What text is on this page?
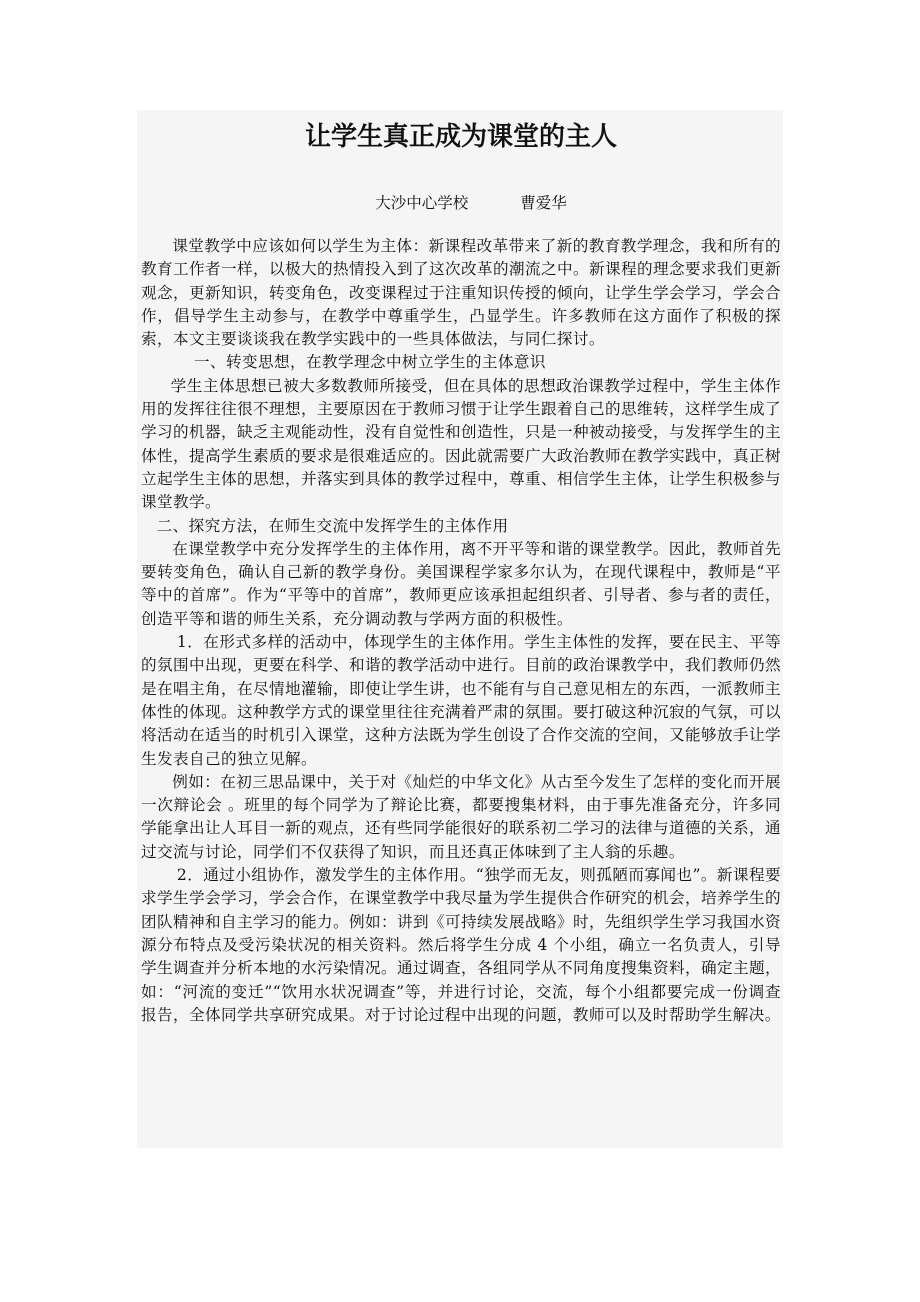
让学生真正成为课堂的主人
大沙中心学校	曹爱华

课堂教学中应该如何以学生为主体：新课程改革带来了新的教育教学理念，我和所有的教育工作者一样，以极大的热情投入到了这次改革的潮流之中。新课程的理念要求我们更新观念，更新知识，转变角色，改变课程过于注重知识传授的倾向，让学生学会学习，学会合作，倡导学生主动参与，在教学中尊重学生，凸显学生。许多教师在这方面作了积极的探索，本文主要谈谈我在教学实践中的一些具体做法，与同仁探讨。

一、转变思想，在教学理念中树立学生的主体意识

学生主体思想已被大多数教师所接受，但在具体的思想政治课教学过程中，学生主体作用的发挥往往很不理想，主要原因在于教师习惯于让学生跟着自己的思维转，这样学生成了学习的机器，缺乏主观能动性，没有自觉性和创造性，只是一种被动接受，与发挥学生的主体性，提高学生素质的要求是很难适应的。因此就需要广大政治教师在教学实践中，真正树立起学生主体的思想，并落实到具体的教学过程中，尊重、相信学生主体，让学生积极参与课堂教学。

二、探究方法，在师生交流中发挥学生的主体作用

在课堂教学中充分发挥学生的主体作用，离不开平等和谐的课堂教学。因此，教师首先要转变角色，确认自己新的教学身份。美国课程学家多尔认为，在现代课程中，教师是“平等中的首席”。作为“平等中的首席”，教师更应该承担起组织者、引导者、参与者的责任，创造平等和谐的师生关系，充分调动教与学两方面的积极性。

1．在形式多样的活动中，体现学生的主体作用。学生主体性的发挥，要在民主、平等的氛围中出现，更要在科学、和谐的教学活动中进行。目前的政治课教学中，我们教师仍然是在唱主角，在尽情地灌输，即使让学生讲，也不能有与自己意见相左的东西，一派教师主体性的体现。这种教学方式的课堂里往往充满着严肃的氛围。要打破这种沉寂的气氛，可以将活动在适当的时机引入课堂，这种方法既为学生创设了合作交流的空间，又能够放手让学生发表自己的独立见解。

例如：在初三思品课中，关于对《灿烂的中华文化》从古至今发生了怎样的变化而开展一次辩论会 。班里的每个同学为了辩论比赛，都要搜集材料，由于事先准备充分，许多同学能拿出让人耳目一新的观点，还有些同学能很好的联系初二学习的法律与道德的关系，通过交流与讨论，同学们不仅获得了知识，而且还真正体味到了主人翁的乐趣。

2．通过小组协作，激发学生的主体作用。“独学而无友，则孤陋而寡闻也”。新课程要求学生学会学习，学会合作，在课堂教学中我尽量为学生提供合作研究的机会，培养学生的团队精神和自主学习的能力。例如：讲到《可持续发展战略》时，先组织学生学习我国水资源分布特点及受污染状况的相关资料。然后将学生分成 4 个小组，确立一名负责人，引导学生调查并分析本地的水污染情况。通过调查，各组同学从不同角度搜集资料，确定主题，如：“河流的变迁”“饮用水状况调查”等，并进行讨论，交流，每个小组都要完成一份调查报告，全体同学共享研究成果。对于讨论过程中出现的问题，教师可以及时帮助学生解决。
